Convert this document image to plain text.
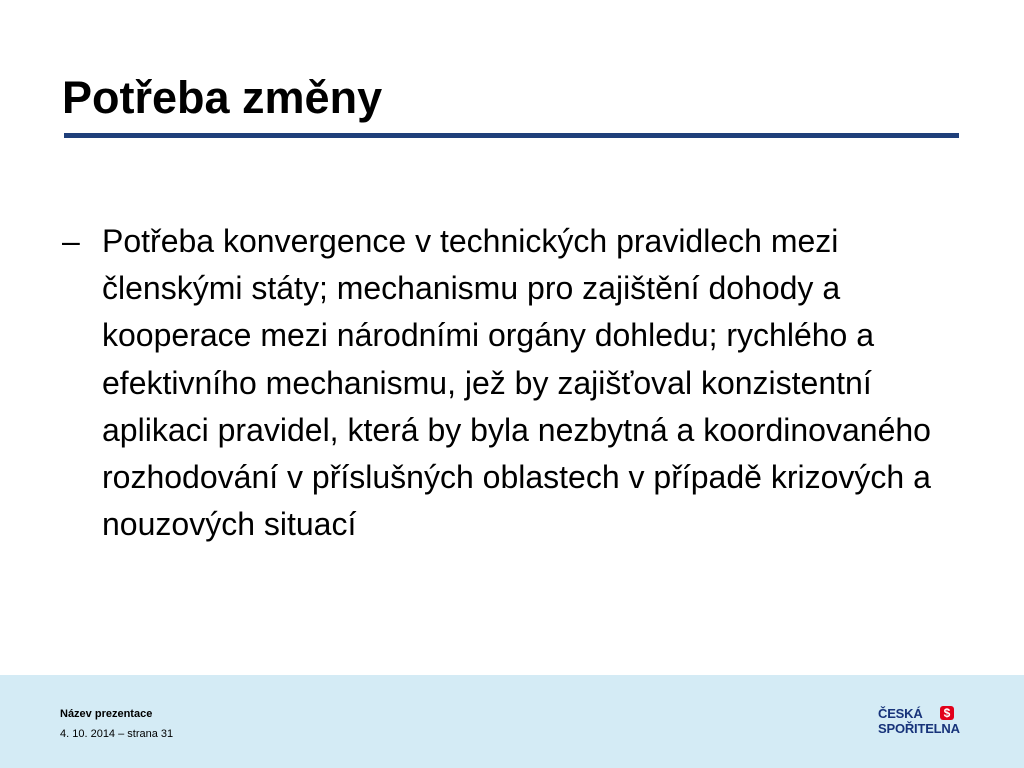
Potřeba změny
– Potřeba konvergence v technických pravidlech mezi členskými státy; mechanismu pro zajištění dohody a kooperace mezi národními orgány dohledu; rychlého a efektivního mechanismu, jež by zajišťoval konzistentní aplikaci pravidel, která by byla nezbytná a koordinovaného rozhodování v příslušných oblastech v případě krizových a nouzových situací
Název prezentace
4. 10. 2014 – strana 31
ČESKÁ	$
SPOŘITELNA
